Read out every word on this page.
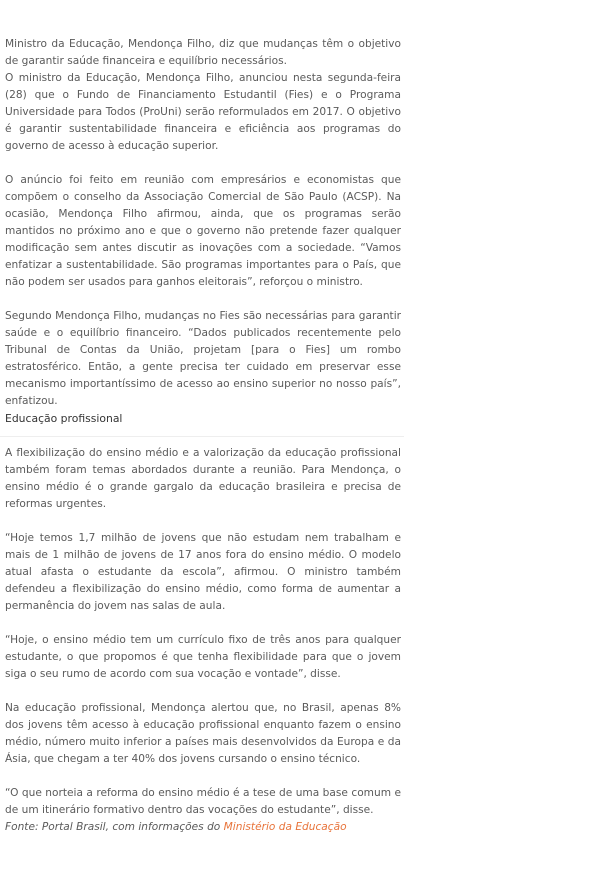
Ministro da Educação, Mendonça Filho, diz que mudanças têm o objetivo de garantir saúde financeira e equilíbrio necessários.

O ministro da Educação, Mendonça Filho, anunciou nesta segunda-feira (28) que o Fundo de Financiamento Estudantil (Fies) e o Programa Universidade para Todos (ProUni) serão reformulados em 2017. O objetivo é garantir sustentabilidade financeira e eficiência aos programas do governo de acesso à educação superior.

O anúncio foi feito em reunião com empresários e economistas que compõem o conselho da Associação Comercial de São Paulo (ACSP). Na ocasião, Mendonça Filho afirmou, ainda, que os programas serão mantidos no próximo ano e que o governo não pretende fazer qualquer modificação sem antes discutir as inovações com a sociedade. “Vamos enfatizar a sustentabilidade. São programas importantes para o País, que não podem ser usados para ganhos eleitorais”, reforçou o ministro.

Segundo Mendonça Filho, mudanças no Fies são necessárias para garantir saúde e o equilíbrio financeiro. “Dados publicados recentemente pelo Tribunal de Contas da União, projetam [para o Fies] um rombo estratosférico. Então, a gente precisa ter cuidado em preservar esse mecanismo importantíssimo de acesso ao ensino superior no nosso país”, enfatizou.

Educação profissional

A flexibilização do ensino médio e a valorização da educação profissional também foram temas abordados durante a reunião. Para Mendonça, o ensino médio é o grande gargalo da educação brasileira e precisa de reformas urgentes.

“Hoje temos 1,7 milhão de jovens que não estudam nem trabalham e mais de 1 milhão de jovens de 17 anos fora do ensino médio. O modelo atual afasta o estudante da escola”, afirmou. O ministro também defendeu a flexibilização do ensino médio, como forma de aumentar a permanência do jovem nas salas de aula.

“Hoje, o ensino médio tem um currículo fixo de três anos para qualquer estudante, o que propomos é que tenha flexibilidade para que o jovem siga o seu rumo de acordo com sua vocação e vontade”, disse.

Na educação profissional, Mendonça alertou que, no Brasil, apenas 8% dos jovens têm acesso à educação profissional enquanto fazem o ensino médio, número muito inferior a países mais desenvolvidos da Europa e da Ásia, que chegam a ter 40% dos jovens cursando o ensino técnico.

“O que norteia a reforma do ensino médio é a tese de uma base comum e de um itinerário formativo dentro das vocações do estudante”, disse.

Fonte: Portal Brasil, com informações do Ministério da Educação
